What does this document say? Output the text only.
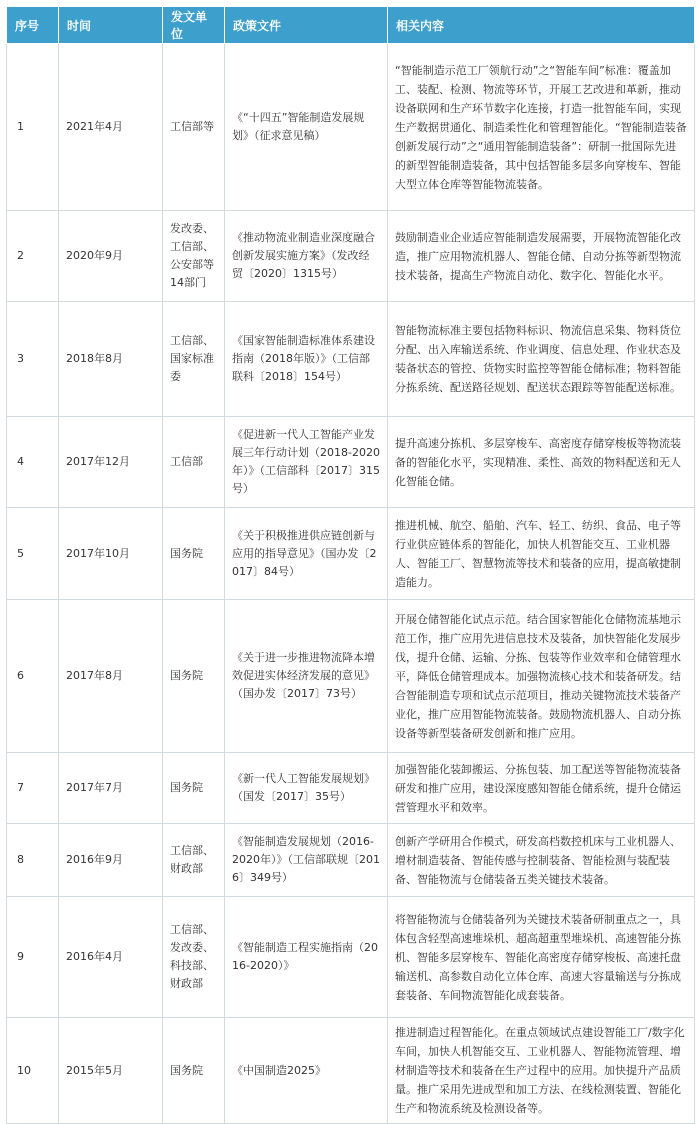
序号	时间	发文单位	政策文件	相关内容
1	2021年4月	工信部等	《“十四五”智能制造发展规划》（征求意见稿）	“智能制造示范工厂领航行动”之“智能车间”标准：覆盖加工、装配、检测、物流等环节，开展工艺改进和革新，推动设备联网和生产环节数字化连接，打造一批智能车间，实现生产数据贯通化、制造柔性化和管理智能化。“智能制造装备创新发展行动”之“通用智能制造装备”：研制一批国际先进的新型智能制造装备，其中包括智能多层多向穿梭车、智能大型立体仓库等智能物流装备。
2	2020年9月	发改委、工信部、公安部等14部门	《推动物流业制造业深度融合创新发展实施方案》（发改经贸〔2020〕1315号）	鼓励制造业企业适应智能制造发展需要，开展物流智能化改造，推广应用物流机器人、智能仓储、自动分拣等新型物流技术装备，提高生产物流自动化、数字化、智能化水平。
3	2018年8月	工信部、国家标准委	《国家智能制造标准体系建设指南（2018年版）》（工信部联科〔2018〕154号）	智能物流标准主要包括物料标识、物流信息采集、物料货位分配、出入库输送系统、作业调度、信息处理、作业状态及装备状态的管控、货物实时监控等智能仓储标准；物料智能分拣系统、配送路径规划、配送状态跟踪等智能配送标准。
4	2017年12月	工信部	《促进新一代人工智能产业发展三年行动计划（2018-2020年）》（工信部科〔2017〕315号）	提升高速分拣机、多层穿梭车、高密度存储穿梭板等物流装备的智能化水平，实现精准、柔性、高效的物料配送和无人化智能仓储。
5	2017年10月	国务院	《关于积极推进供应链创新与应用的指导意见》（国办发〔2017〕84号）	推进机械、航空、船舶、汽车、轻工、纺织、食品、电子等行业供应链体系的智能化，加快人机智能交互、工业机器人、智能工厂、智慧物流等技术和装备的应用，提高敏捷制造能力。
6	2017年8月	国务院	《关于进一步推进物流降本增效促进实体经济发展的意见》（国办发〔2017〕73号）	开展仓储智能化试点示范。结合国家智能化仓储物流基地示范工作，推广应用先进信息技术及装备，加快智能化发展步伐，提升仓储、运输、分拣、包装等作业效率和仓储管理水平，降低仓储管理成本。加强物流核心技术和装备研发。结合智能制造专项和试点示范项目，推动关键物流技术装备产业化，推广应用智能物流装备。鼓励物流机器人、自动分拣设备等新型装备研发创新和推广应用。
7	2017年7月	国务院	《新一代人工智能发展规划》（国发〔2017〕35号）	加强智能化装卸搬运、分拣包装、加工配送等智能物流装备研发和推广应用，建设深度感知智能仓储系统，提升仓储运营管理水平和效率。
8	2016年9月	工信部、财政部	《智能制造发展规划（2016-2020年）》（工信部联规〔2016〕349号）	创新产学研用合作模式，研发高档数控机床与工业机器人、增材制造装备、智能传感与控制装备、智能检测与装配装备、智能物流与仓储装备五类关键技术装备。
9	2016年4月	工信部、发改委、科技部、财政部	《智能制造工程实施指南（2016-2020）》	将智能物流与仓储装备列为关键技术装备研制重点之一，具体包含轻型高速堆垛机、超高超重型堆垛机、高速智能分拣机、智能多层穿梭车、智能化高密度存储穿梭板、高速托盘输送机、高参数自动化立体仓库、高速大容量输送与分拣成套装备、车间物流智能化成套装备。
10	2015年5月	国务院	《中国制造2025》	推进制造过程智能化。在重点领域试点建设智能工厂/数字化车间，加快人机智能交互、工业机器人、智能物流管理、增材制造等技术和装备在生产过程中的应用。加快提升产品质量。推广采用先进成型和加工方法、在线检测装置、智能化生产和物流系统及检测设备等。
